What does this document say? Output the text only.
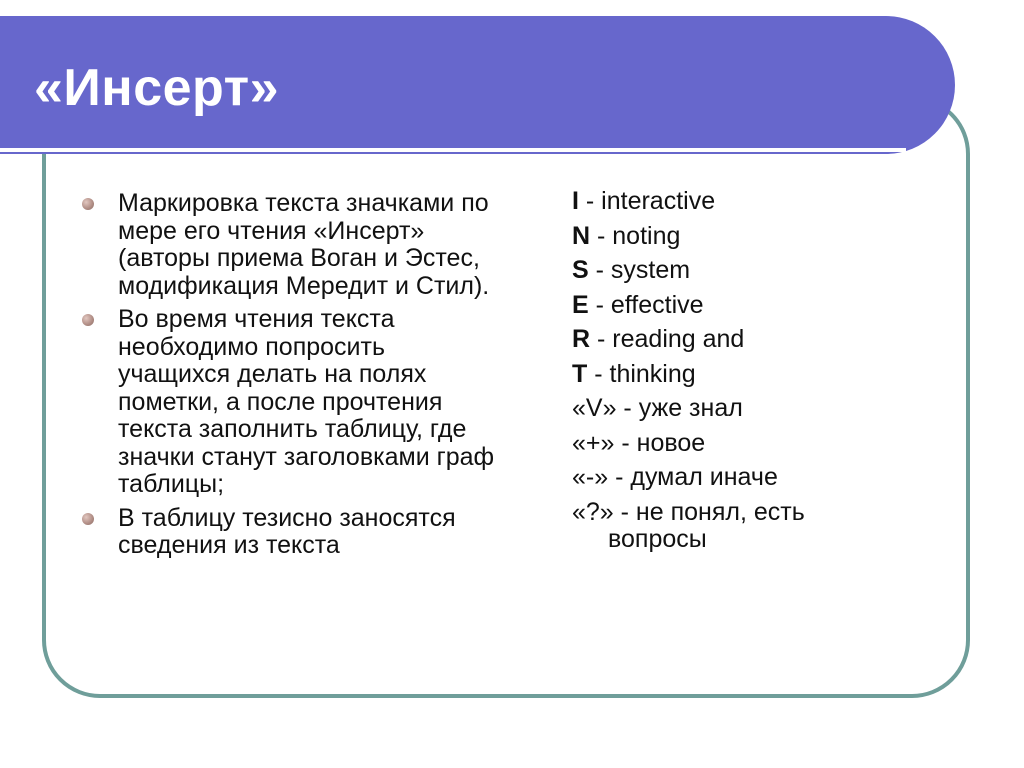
«Инсерт»
Маркировка текста значками по мере его чтения «Инсерт» (авторы приема Воган и Эстес, модификация Мередит и Стил).
Во время чтения текста необходимо попросить учащихся делать на полях пометки, а после прочтения текста заполнить таблицу, где значки станут заголовками граф таблицы;
В таблицу тезисно заносятся сведения из текста
I - interactive
N - noting
S - system
E - effective
R - reading and
T - thinking
«V» - уже знал
«+» - новое
«-» - думал иначе
«?» - не понял, есть вопросы
